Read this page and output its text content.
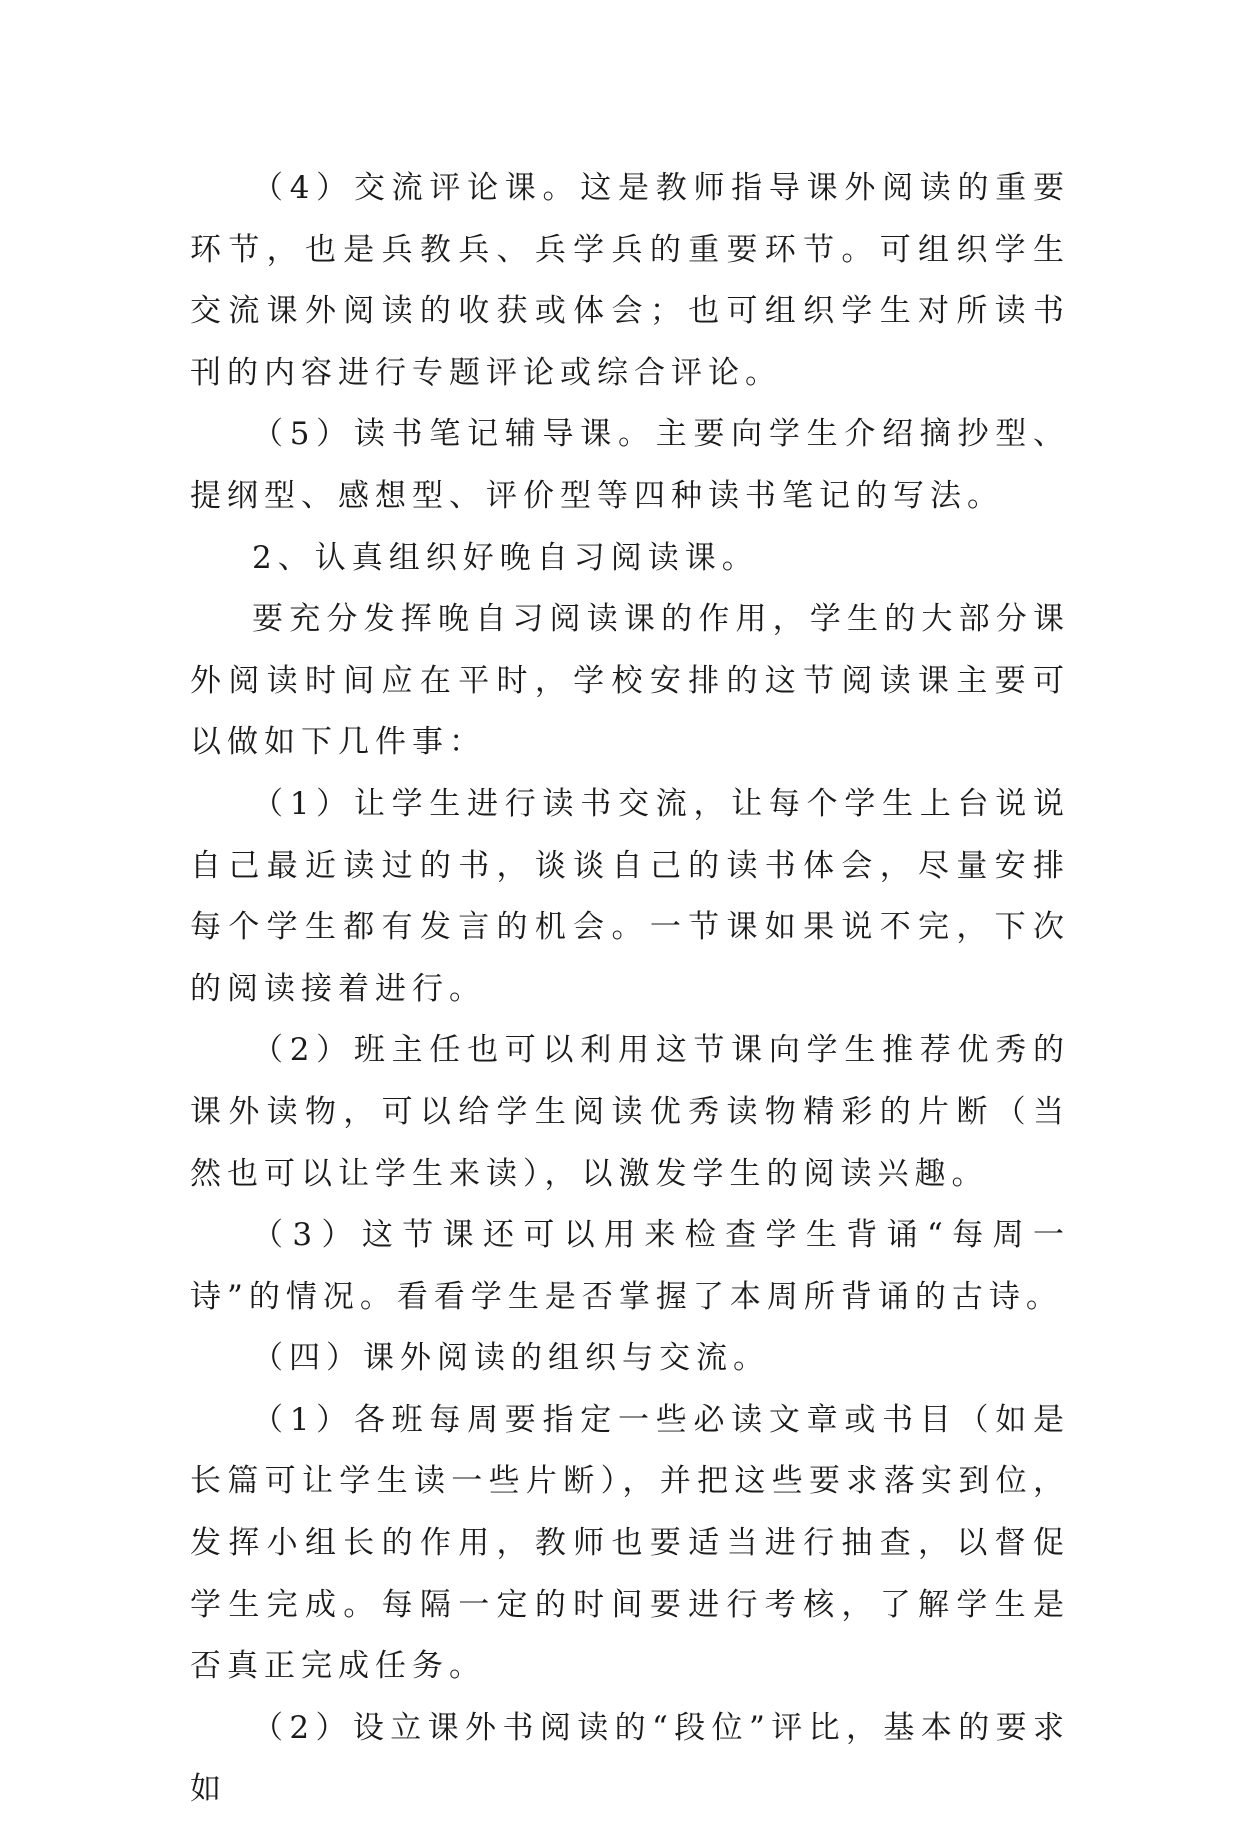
（4）交流评论课。这是教师指导课外阅读的重要环节，也是兵教兵、兵学兵的重要环节。可组织学生交流课外阅读的收获或体会；也可组织学生对所读书刊的内容进行专题评论或综合评论。

（5）读书笔记辅导课。主要向学生介绍摘抄型、提纲型、感想型、评价型等四种读书笔记的写法。

2、认真组织好晚自习阅读课。

要充分发挥晚自习阅读课的作用，学生的大部分课外阅读时间应在平时，学校安排的这节阅读课主要可以做如下几件事：

（1）让学生进行读书交流，让每个学生上台说说自己最近读过的书，谈谈自己的读书体会，尽量安排每个学生都有发言的机会。一节课如果说不完，下次的阅读接着进行。

（2）班主任也可以利用这节课向学生推荐优秀的课外读物，可以给学生阅读优秀读物精彩的片断（当然也可以让学生来读），以激发学生的阅读兴趣。

（3）这节课还可以用来检查学生背诵“每周一诗”的情况。看看学生是否掌握了本周所背诵的古诗。

（四）课外阅读的组织与交流。

（1）各班每周要指定一些必读文章或书目（如是长篇可让学生读一些片断），并把这些要求落实到位，发挥小组长的作用，教师也要适当进行抽查，以督促学生完成。每隔一定的时间要进行考核，了解学生是否真正完成任务。

（2）设立课外书阅读的“段位”评比，基本的要求如
